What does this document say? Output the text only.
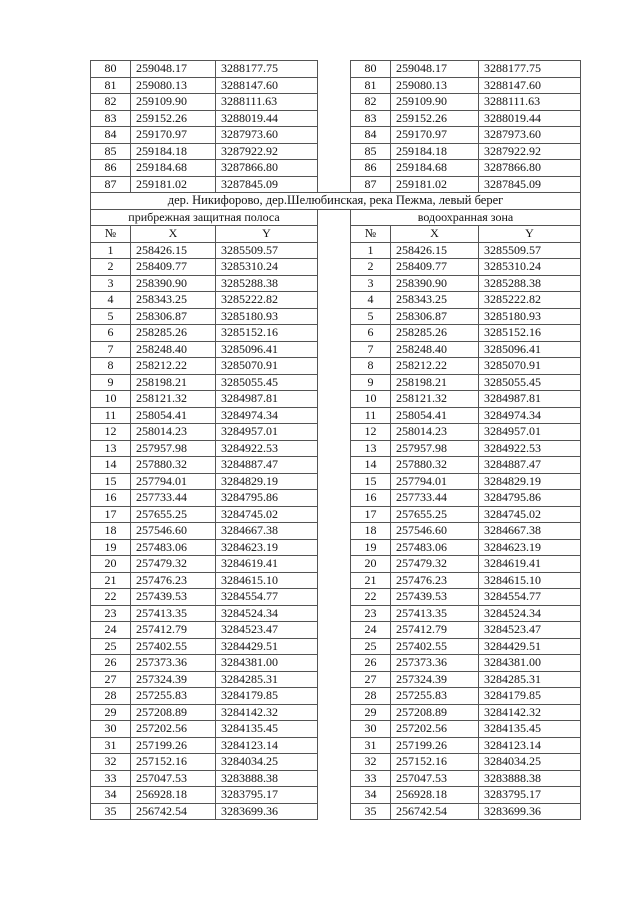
80	259048.17	3288177.75		80	259048.17	3288177.75
81	259080.13	3288147.60		81	259080.13	3288147.60
82	259109.90	3288111.63		82	259109.90	3288111.63
83	259152.26	3288019.44		83	259152.26	3288019.44
84	259170.97	3287973.60		84	259170.97	3287973.60
85	259184.18	3287922.92		85	259184.18	3287922.92
86	259184.68	3287866.80		86	259184.68	3287866.80
87	259181.02	3287845.09		87	259181.02	3287845.09
дер. Никифорово, дер.Шелюбинская, река Пежма, левый берег						
прибрежная защитная полоса				водоохранная зона		
№	X	Y		№	X	Y
1	258426.15	3285509.57		1	258426.15	3285509.57
2	258409.77	3285310.24		2	258409.77	3285310.24
3	258390.90	3285288.38		3	258390.90	3285288.38
4	258343.25	3285222.82		4	258343.25	3285222.82
5	258306.87	3285180.93		5	258306.87	3285180.93
6	258285.26	3285152.16		6	258285.26	3285152.16
7	258248.40	3285096.41		7	258248.40	3285096.41
8	258212.22	3285070.91		8	258212.22	3285070.91
9	258198.21	3285055.45		9	258198.21	3285055.45
10	258121.32	3284987.81		10	258121.32	3284987.81
11	258054.41	3284974.34		11	258054.41	3284974.34
12	258014.23	3284957.01		12	258014.23	3284957.01
13	257957.98	3284922.53		13	257957.98	3284922.53
14	257880.32	3284887.47		14	257880.32	3284887.47
15	257794.01	3284829.19		15	257794.01	3284829.19
16	257733.44	3284795.86		16	257733.44	3284795.86
17	257655.25	3284745.02		17	257655.25	3284745.02
18	257546.60	3284667.38		18	257546.60	3284667.38
19	257483.06	3284623.19		19	257483.06	3284623.19
20	257479.32	3284619.41		20	257479.32	3284619.41
21	257476.23	3284615.10		21	257476.23	3284615.10
22	257439.53	3284554.77		22	257439.53	3284554.77
23	257413.35	3284524.34		23	257413.35	3284524.34
24	257412.79	3284523.47		24	257412.79	3284523.47
25	257402.55	3284429.51		25	257402.55	3284429.51
26	257373.36	3284381.00		26	257373.36	3284381.00
27	257324.39	3284285.31		27	257324.39	3284285.31
28	257255.83	3284179.85		28	257255.83	3284179.85
29	257208.89	3284142.32		29	257208.89	3284142.32
30	257202.56	3284135.45		30	257202.56	3284135.45
31	257199.26	3284123.14		31	257199.26	3284123.14
32	257152.16	3284034.25		32	257152.16	3284034.25
33	257047.53	3283888.38		33	257047.53	3283888.38
34	256928.18	3283795.17		34	256928.18	3283795.17
35	256742.54	3283699.36		35	256742.54	3283699.36
